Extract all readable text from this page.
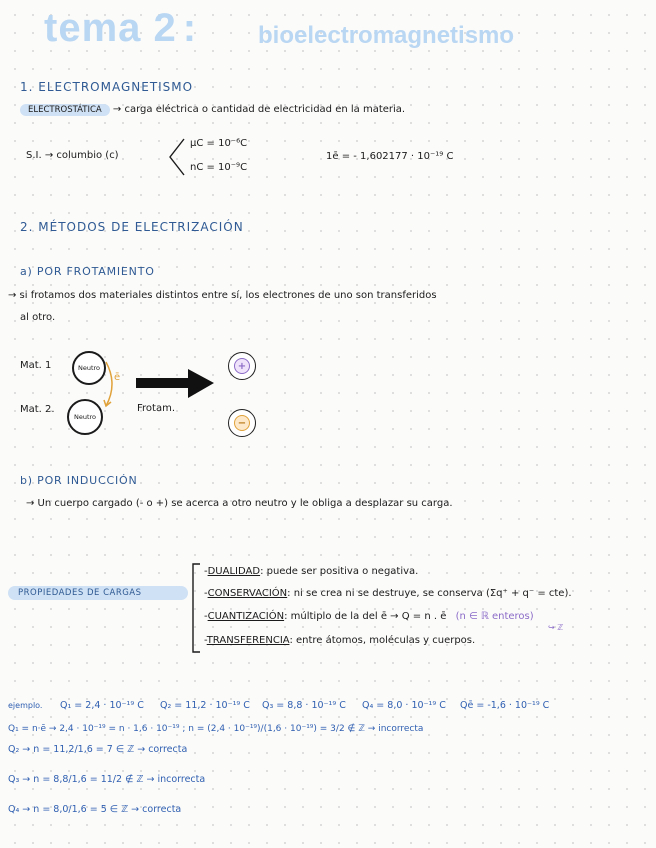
tema 2 :	bioelectromagnetismo
1. ELECTROMAGNETISMO
ELECTROSTÁTICA → carga eléctrica o cantidad de electricidad en la materia.
S.I. → columbio (c)
µC = 10⁻⁶C
nC = 10⁻⁹C
1ē = - 1,602177 · 10⁻¹⁹ C
2. MÉTODOS DE ELECTRIZACIÓN
a) POR FROTAMIENTO
→ si frotamos dos materiales distintos entre sí, los electrones de uno son transferidos
al otro.
Mat. 1
Mat. 2.
Neutro
Neutro
ē
Frotam.
+
−
b) POR INDUCCIÓN
→ Un cuerpo cargado (- o +) se acerca a otro neutro y le obliga a desplazar su carga.
PROPIEDADES DE CARGAS
-DUALIDAD: puede ser positiva o negativa.
-CONSERVACIÓN: ni se crea ni se destruye, se conserva (Σq⁺ + q⁻ = cte).
-CUANTIZACIÓN: múltiplo de la del ē → Q = n . ē (n ∈ ℝ enteros)
↪ ℤ
-TRANSFERENCIA: entre átomos, moléculas y cuerpos.
ejemplo. Q₁ = 2,4 · 10⁻¹⁹ C Q₂ = 11,2 · 10⁻¹⁹ C Q₃ = 8,8 · 10⁻¹⁹ C Q₄ = 8,0 · 10⁻¹⁹ C Qē = -1,6 · 10⁻¹⁹ C
Q₁ = n·ē → 2,4 · 10⁻¹⁹ = n · 1,6 · 10⁻¹⁹ ; n = (2,4 · 10⁻¹⁹)/(1,6 · 10⁻¹⁹) = 3/2 ∉ ℤ → incorrecta
Q₂ → n = 11,2/1,6 = 7 ∈ ℤ → correcta
Q₃ → n = 8,8/1,6 = 11/2 ∉ ℤ → incorrecta
Q₄ → n = 8,0/1,6 = 5 ∈ ℤ → correcta
